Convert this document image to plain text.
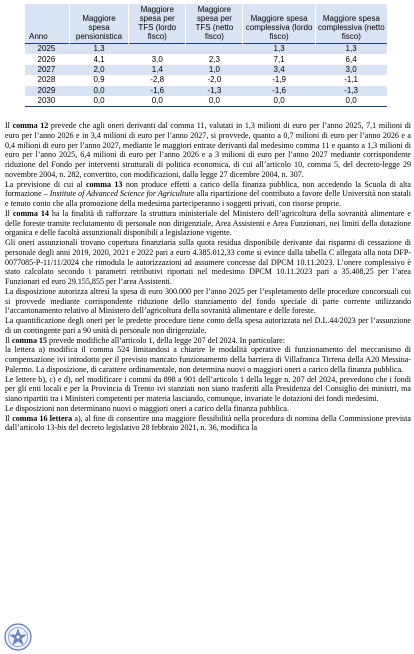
Anno	Maggiore spesa pensionistica	Maggiore spesa per TFS (lordo fisco)	Maggiore spesa per TFS (netto fisco)	Maggiore spesa complessiva (lordo fisco)	Maggiore spesa complessiva (netto fisco)
2025	1,3			1,3	1,3
2026	4,1	3,0	2,3	7,1	6,4
2027	2,0	1,4	1,0	3,4	3,0
2028	0,9	-2,8	-2,0	-1,9	-1,1
2029	0,0	-1,6	-1,3	-1,6	-1,3
2030	0,0	0,0	0,0	0,0	0,0

Il comma 12 prevede che agli oneri derivanti dal comma 11, valutati in 1,3 milioni di euro per l’anno 2025, 7,1 milioni di euro per l’anno 2026 e in 3,4 milioni di euro per l’anno 2027, si provvede, quanto a 0,7 milioni di euro per l’anno 2026 e a 0,4 milioni di euro per l’anno 2027, mediante le maggiori entrate derivanti dal medesimo comma 11 e quanto a 1,3 milioni di euro per l’anno 2025, 6,4 milioni di euro per l’anno 2026 e a 3 milioni di euro per l’anno 2027 mediante corrispondente riduzione del Fondo per interventi strutturali di politica economica, di cui all’articolo 10, comma 5, del decreto-legge 29 novembre 2004, n. 282, convertito, con modificazioni, dalla legge 27 dicembre 2004, n. 307.

La previsione di cui al comma 13 non produce effetti a carico della finanza pubblica, non accedendo la Scuola di alta formazione – Institute of Advanced Science for Agriculture alla ripartizione del contributo a favore delle Università non statali e tenuto conto che alla promozione della medesima parteciperanno i soggetti privati, con risorse proprie.

Il comma 14 ha la finalità di rafforzare la struttura ministeriale del Ministero dell’agricoltura della sovranità alimentare e delle foreste tramite reclutamento di personale non dirigenziale, Area Assistenti e Area Funzionari, nei limiti della dotazione organica e delle facoltà assunzionali disponibili a legislazione vigente.

Gli oneri assunzionali trovano copertura finanziaria sulla quota residua disponibile derivante dai risparmi di cessazione di personale degli anni 2019, 2020, 2021 e 2022 pari a euro 4.385.012,33 come si evince dalla tabella C allegata alla nota DFP-0077085-P-11/11/2024 che rimodula le autorizzazioni ad assumere concesse dal DPCM 10.11.2023. L’onere complessivo è stato calcolato secondo i parametri retributivi riportati nel medesimo DPCM 10.11.2023 pari a 35.408,25 per l’area Funzionari ed euro 29.155,855 per l’area Assistenti.

La disposizione autorizza altresì la spesa di euro 300.000 per l’anno 2025 per l’espletamento delle procedure concorsuali cui si provvede mediante corrispondente riduzione dello stanziamento del fondo speciale di parte corrente utilizzando l’accantonamento relativo al Ministero dell’agricoltura della sovranità alimentare e delle foreste.

La quantificazione degli oneri per le predette procedure tiene conto della spesa autorizzata nel D.L.44/2023 per l’assunzione di un contingente pari a 90 unità di personale non dirigenziale.

Il comma 15 prevede modifiche all’articolo 1, della legge 207 del 2024. In particolare:

la lettera a) modifica il comma 524 limitandosi a chiarire le modalità operative di funzionamento del meccanismo di compensazione ivi introdotto per il previsto mancato funzionamento della barriera di Villafranca Tirrena della A20 Messina-Palermo. La disposizione, di carattere ordinamentale, non determina nuovi o maggiori oneri a carico della finanza pubblica.

Le lettere b), c) e d), nel modificare i commi da 898 a 901 dell’articolo 1 della legge n. 207 del 2024, prevedono che i fondi per gli enti locali e per la Provincia di Trento ivi stanziati non siano trasferiti alla Presidenza del Consiglio dei ministri, ma siano ripartiti tra i Ministeri competenti per materia lasciando, comunque, invariate le dotazioni dei fondi medesimi.

Le disposizioni non determinano nuovi o maggiori oneri a carico della finanza pubblica.

Il comma 16 lettera a), al fine di consentire una maggiore flessibilità nella procedura di nomina della Commissione prevista dall’articolo 13-bis del decreto legislativo 28 febbraio 2021, n. 36, modifica la
